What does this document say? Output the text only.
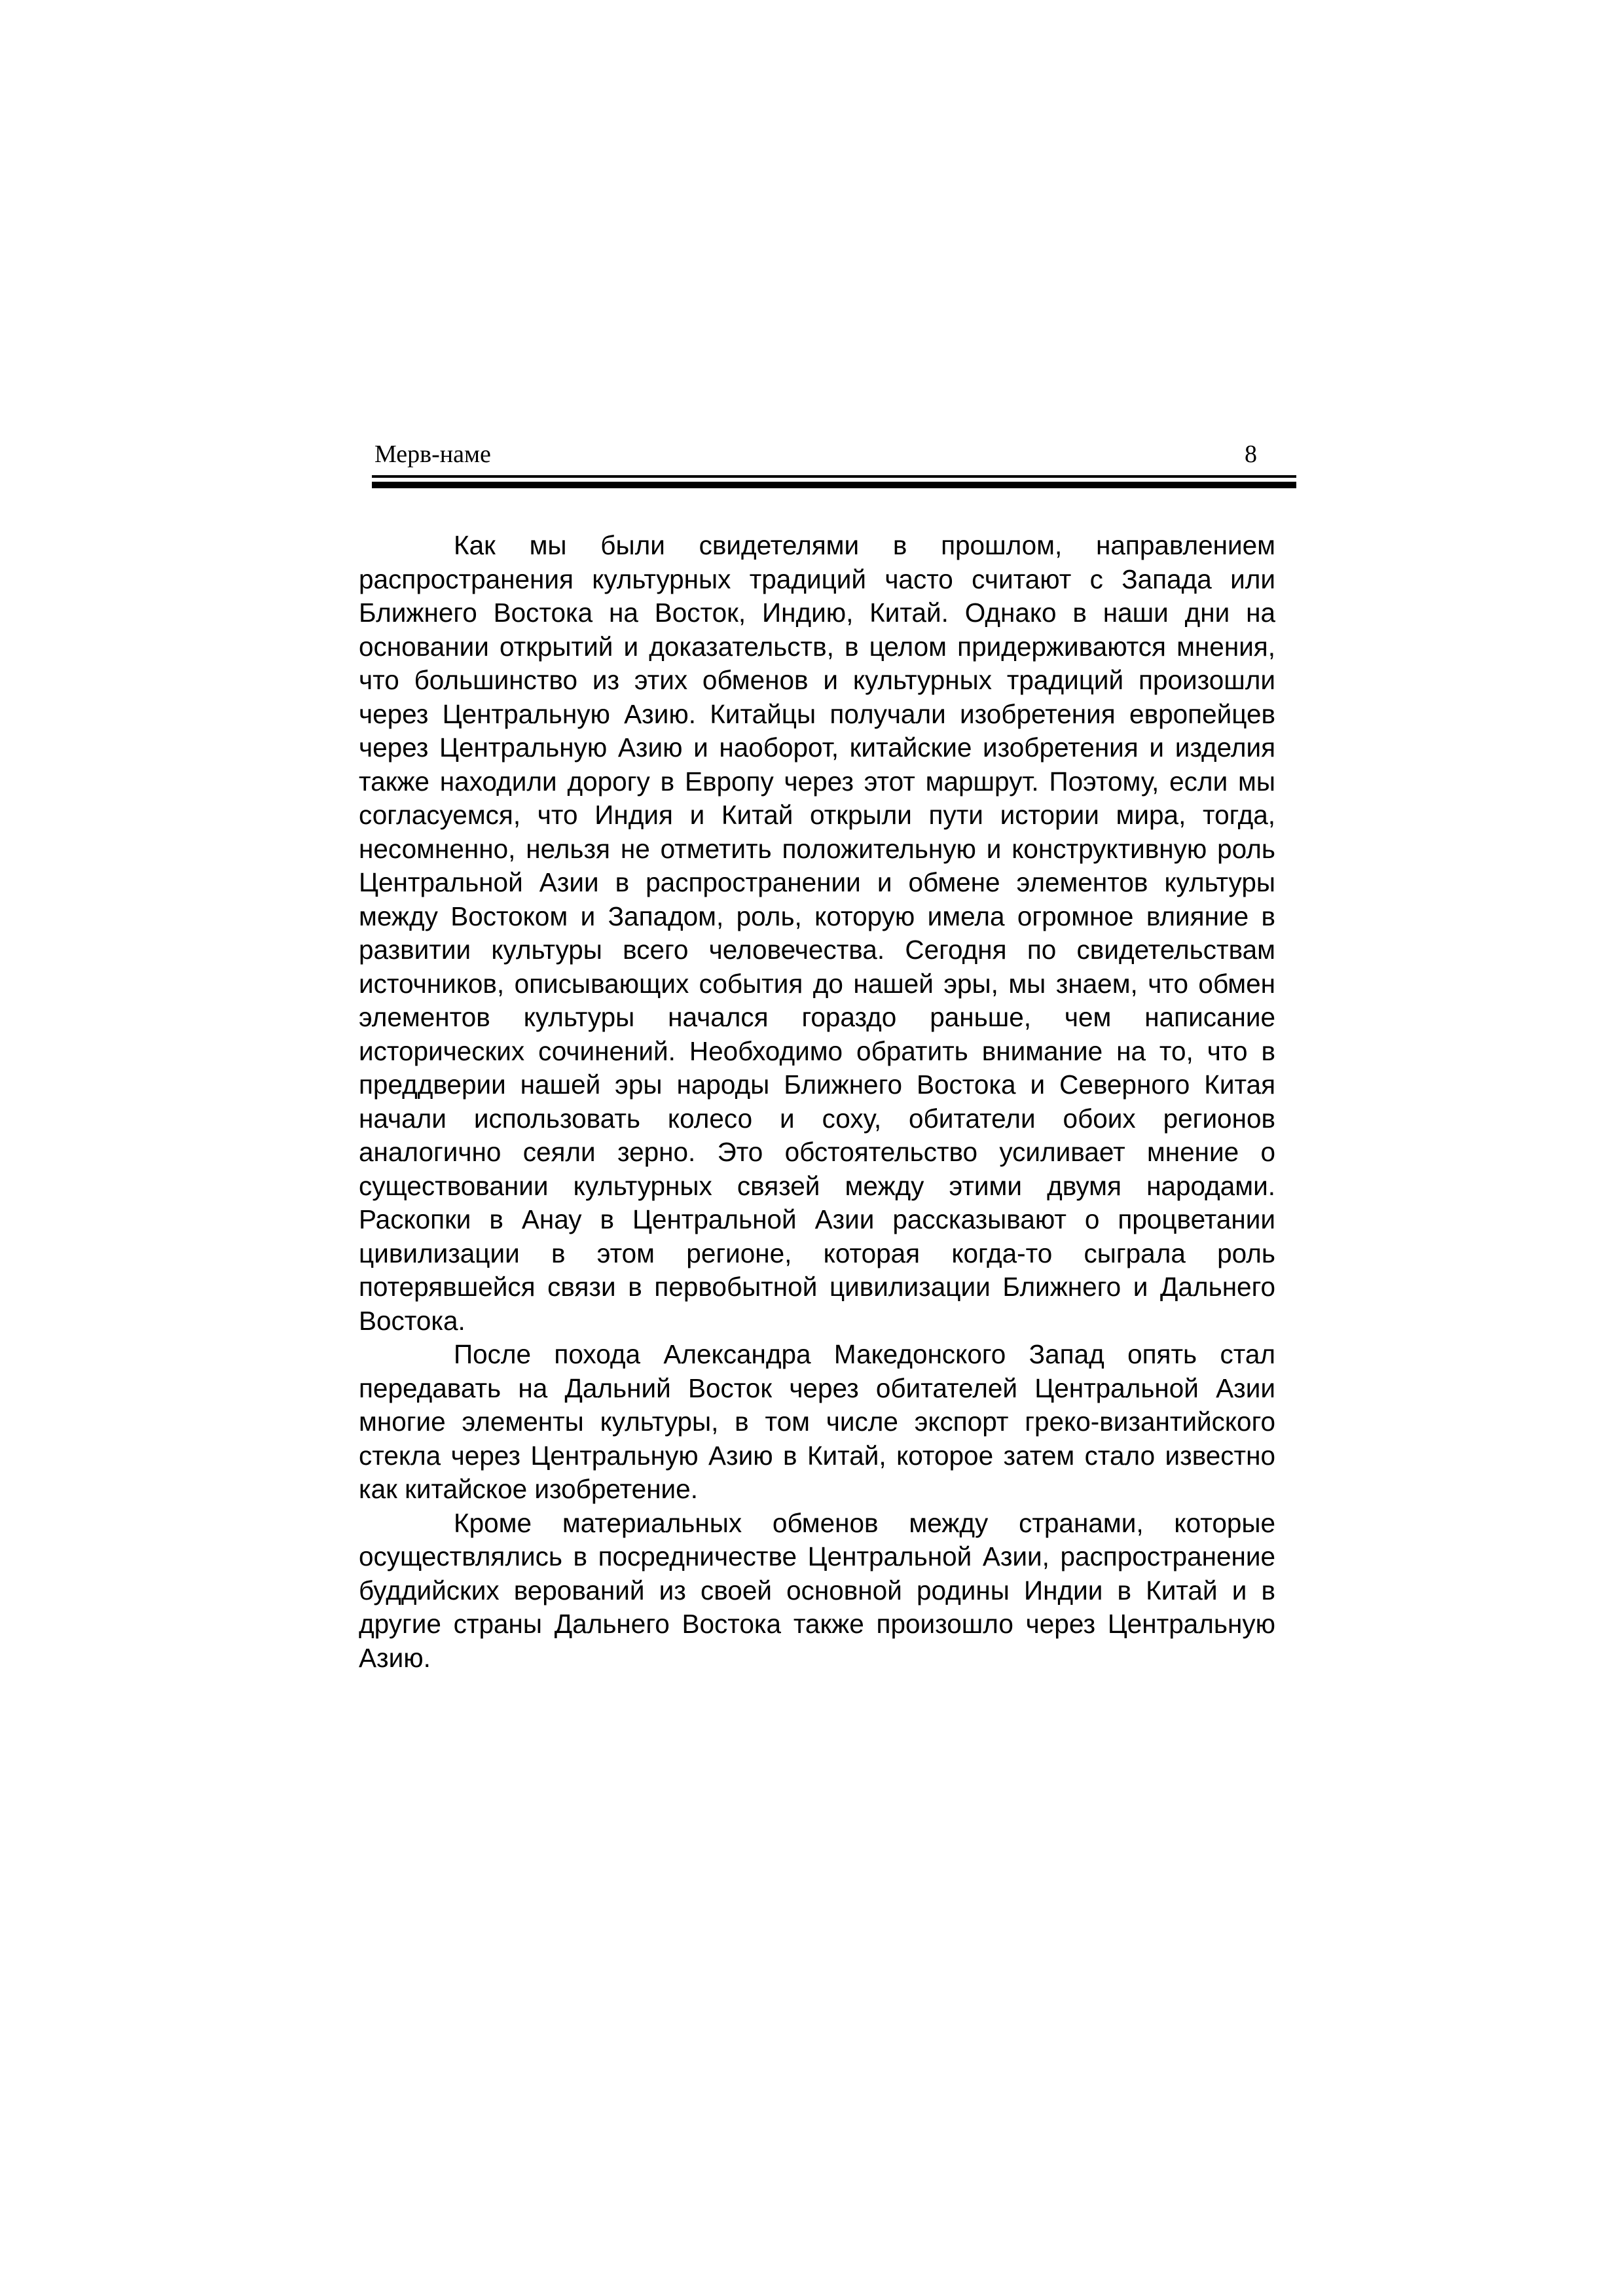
Мерв-наме	8

Как мы были свидетелями в прошлом, направлением распространения культурных традиций часто считают с Запада или Ближнего Востока на Восток, Индию, Китай. Однако в наши дни на основании открытий и доказательств, в целом придерживаются мнения, что большинство из этих обменов и культурных традиций произошли через Центральную Азию. Китайцы получали изобретения европейцев через Центральную Азию и наоборот, китайские изобретения и изделия также находили дорогу в Европу через этот маршрут. Поэтому, если мы согласуемся, что Индия и Китай открыли пути истории мира, тогда, несомненно, нельзя не отметить положительную и конструктивную роль Центральной Азии в распространении и обмене элементов культуры между Востоком и Западом, роль, которую имела огромное влияние в развитии культуры всего человечества. Сегодня по свидетельствам источников, описывающих события до нашей эры, мы знаем, что обмен элементов культуры начался гораздо раньше, чем написание исторических сочинений. Необходимо обратить внимание на то, что в преддверии нашей эры народы Ближнего Востока и Северного Китая начали использовать колесо и соху, обитатели обоих регионов аналогично сеяли зерно. Это обстоятельство усиливает мнение о существовании культурных связей между этими двумя народами. Раскопки в Анау в Центральной Азии рассказывают о процветании цивилизации в этом регионе, которая когда-то сыграла роль потерявшейся связи в первобытной цивилизации Ближнего и Дальнего Востока.

После похода Александра Македонского Запад опять стал передавать на Дальний Восток через обитателей Центральной Азии многие элементы культуры, в том числе экспорт греко-византийского стекла через Центральную Азию в Китай, которое затем стало известно как китайское изобретение.

Кроме материальных обменов между странами, которые осуществлялись в посредничестве Центральной Азии, распространение буддийских верований из своей основной родины Индии в Китай и в другие страны Дальнего Востока также произошло через Центральную Азию.
